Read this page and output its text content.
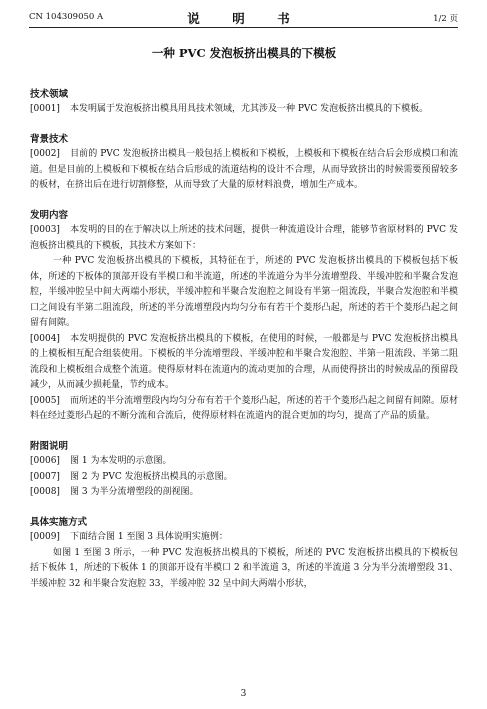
CN 104309050 A	说　明　书	1/2 页
一种 PVC 发泡板挤出模具的下模板

技术领域

[0001] 本发明属于发泡板挤出模具用具技术领域，尤其涉及一种 PVC 发泡板挤出模具的下模板。

背景技术

[0002] 目前的 PVC 发泡板挤出模具一般包括上模板和下模板，上模板和下模板在结合后会形成模口和流道。但是目前的上模板和下模板在结合后形成的流道结构的设计不合理，从而导致挤出的时候需要预留较多的板材，在挤出后在进行切割修整，从而导致了大量的原材料浪费，增加生产成本。

发明内容

[0003] 本发明的目的在于解决以上所述的技术问题，提供一种流道设计合理，能够节省原材料的 PVC 发泡板挤出模具的下模板，其技术方案如下：

一种 PVC 发泡板挤出模具的下模板，其特征在于，所述的 PVC 发泡板挤出模具的下模板包括下板体，所述的下板体的顶部开设有半模口和半流道，所述的半流道分为半分流增塑段、半缓冲腔和半聚合发泡腔，半缓冲腔呈中间大两端小形状，半缓冲腔和半聚合发泡腔之间设有半第一阻流段，半聚合发泡腔和半模口之间设有半第二阻流段，所述的半分流增塑段内均匀分布有若干个菱形凸起，所述的若干个菱形凸起之间留有间隙。

[0004] 本发明提供的 PVC 发泡板挤出模具的下模板，在使用的时候，一般都是与 PVC 发泡板挤出模具的上模板相互配合组装使用。下模板的半分流增塑段、半缓冲腔和半聚合发泡腔、半第一阻流段、半第二阻流段和上模板组合成整个流道。使得原材料在流道内的流动更加的合理，从而使得挤出的时候成品的预留段减少，从而减少损耗量，节约成本。

[0005] 而所述的半分流增塑段内均匀分布有若干个菱形凸起，所述的若干个菱形凸起之间留有间隙。原材料在经过菱形凸起的不断分流和合流后，使得原材料在流道内的混合更加的均匀，提高了产品的质量。

附图说明

[0006] 图 1 为本发明的示意图。

[0007] 图 2 为 PVC 发泡板挤出模具的示意图。

[0008] 图 3 为半分流增塑段的剖视图。

具体实施方式

[0009] 下面结合图 1 至图 3 具体说明实施例：

如图 1 至图 3 所示，一种 PVC 发泡板挤出模具的下模板，所述的 PVC 发泡板挤出模具的下模板包括下板体 1，所述的下板体 1 的顶部开设有半模口 2 和半流道 3，所述的半流道 3 分为半分流增塑段 31、半缓冲腔 32 和半聚合发泡腔 33，半缓冲腔 32 呈中间大两端小形状，

3
